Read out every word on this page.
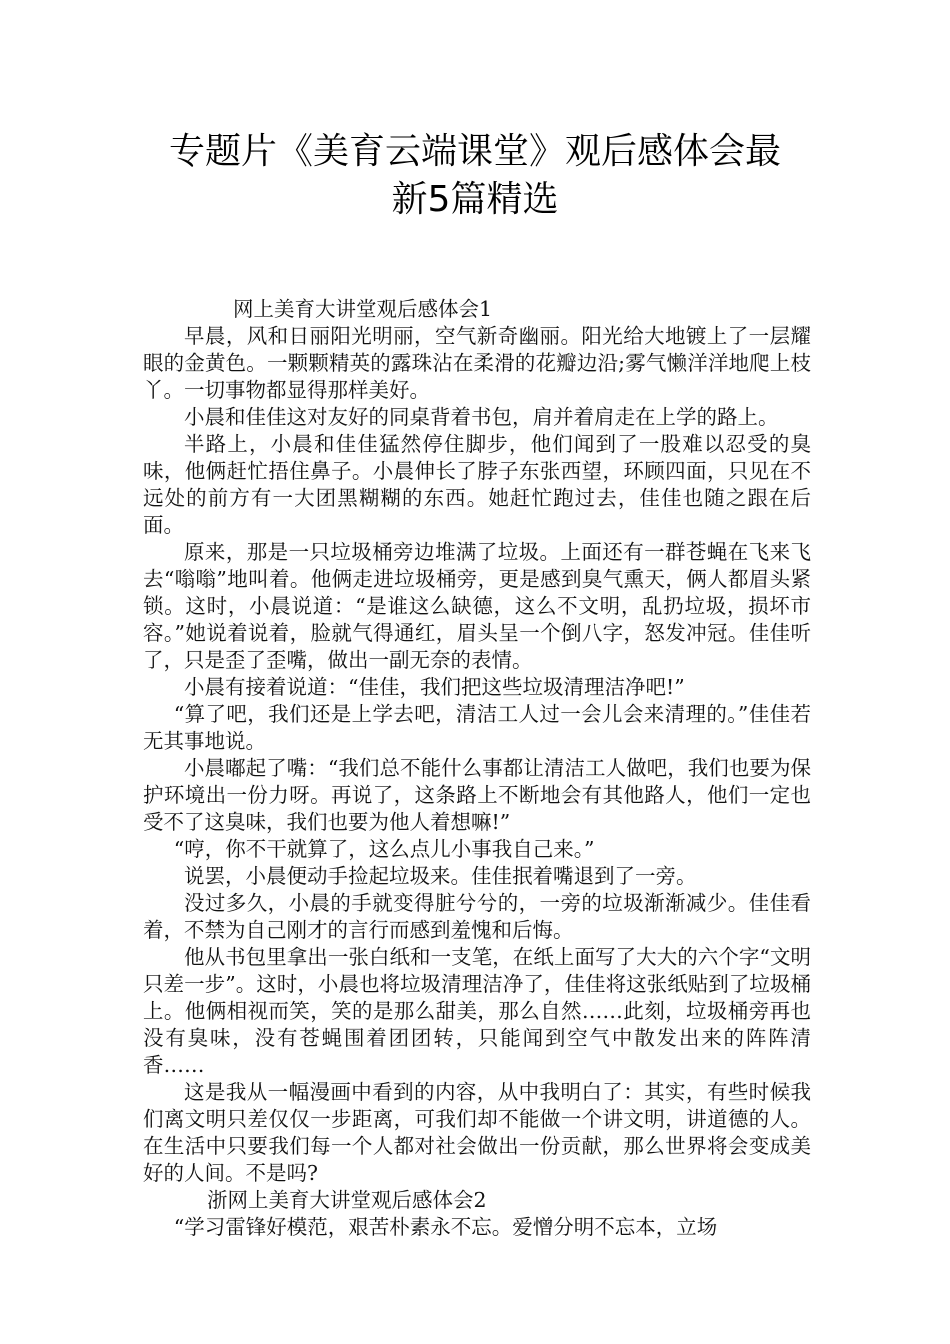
专题片《美育云端课堂》观后感体会最
新5篇精选

网上美育大讲堂观后感体会1

早晨，风和日丽阳光明丽，空气新奇幽丽。阳光给大地镀上了一层耀眼的金黄色。一颗颗精英的露珠沾在柔滑的花瓣边沿;雾气懒洋洋地爬上枝丫。一切事物都显得那样美好。

小晨和佳佳这对友好的同桌背着书包，肩并着肩走在上学的路上。

半路上，小晨和佳佳猛然停住脚步，他们闻到了一股难以忍受的臭味，他俩赶忙捂住鼻子。小晨伸长了脖子东张西望，环顾四面，只见在不远处的前方有一大团黑糊糊的东西。她赶忙跑过去，佳佳也随之跟在后面。

原来，那是一只垃圾桶旁边堆满了垃圾。上面还有一群苍蝇在飞来飞去“嗡嗡”地叫着。他俩走进垃圾桶旁，更是感到臭气熏天，俩人都眉头紧锁。这时，小晨说道：“是谁这么缺德，这么不文明，乱扔垃圾，损坏市容。”她说着说着，脸就气得通红，眉头呈一个倒八字，怒发冲冠。佳佳听了，只是歪了歪嘴，做出一副无奈的表情。

小晨有接着说道：“佳佳，我们把这些垃圾清理洁净吧!”

“算了吧，我们还是上学去吧，清洁工人过一会儿会来清理的。”佳佳若无其事地说。

小晨嘟起了嘴：“我们总不能什么事都让清洁工人做吧，我们也要为保护环境出一份力呀。再说了，这条路上不断地会有其他路人，他们一定也受不了这臭味，我们也要为他人着想嘛!”

“哼，你不干就算了，这么点儿小事我自己来。”

说罢，小晨便动手捡起垃圾来。佳佳抿着嘴退到了一旁。

没过多久，小晨的手就变得脏兮兮的，一旁的垃圾渐渐减少。佳佳看着，不禁为自己刚才的言行而感到羞愧和后悔。

他从书包里拿出一张白纸和一支笔，在纸上面写了大大的六个字“文明只差一步”。这时，小晨也将垃圾清理洁净了，佳佳将这张纸贴到了垃圾桶上。他俩相视而笑，笑的是那么甜美，那么自然……此刻，垃圾桶旁再也没有臭味，没有苍蝇围着团团转，只能闻到空气中散发出来的阵阵清香……

这是我从一幅漫画中看到的内容，从中我明白了：其实，有些时候我们离文明只差仅仅一步距离，可我们却不能做一个讲文明，讲道德的人。在生活中只要我们每一个人都对社会做出一份贡献，那么世界将会变成美好的人间。不是吗?

浙网上美育大讲堂观后感体会2

“学习雷锋好模范，艰苦朴素永不忘。爱憎分明不忘本，立场
